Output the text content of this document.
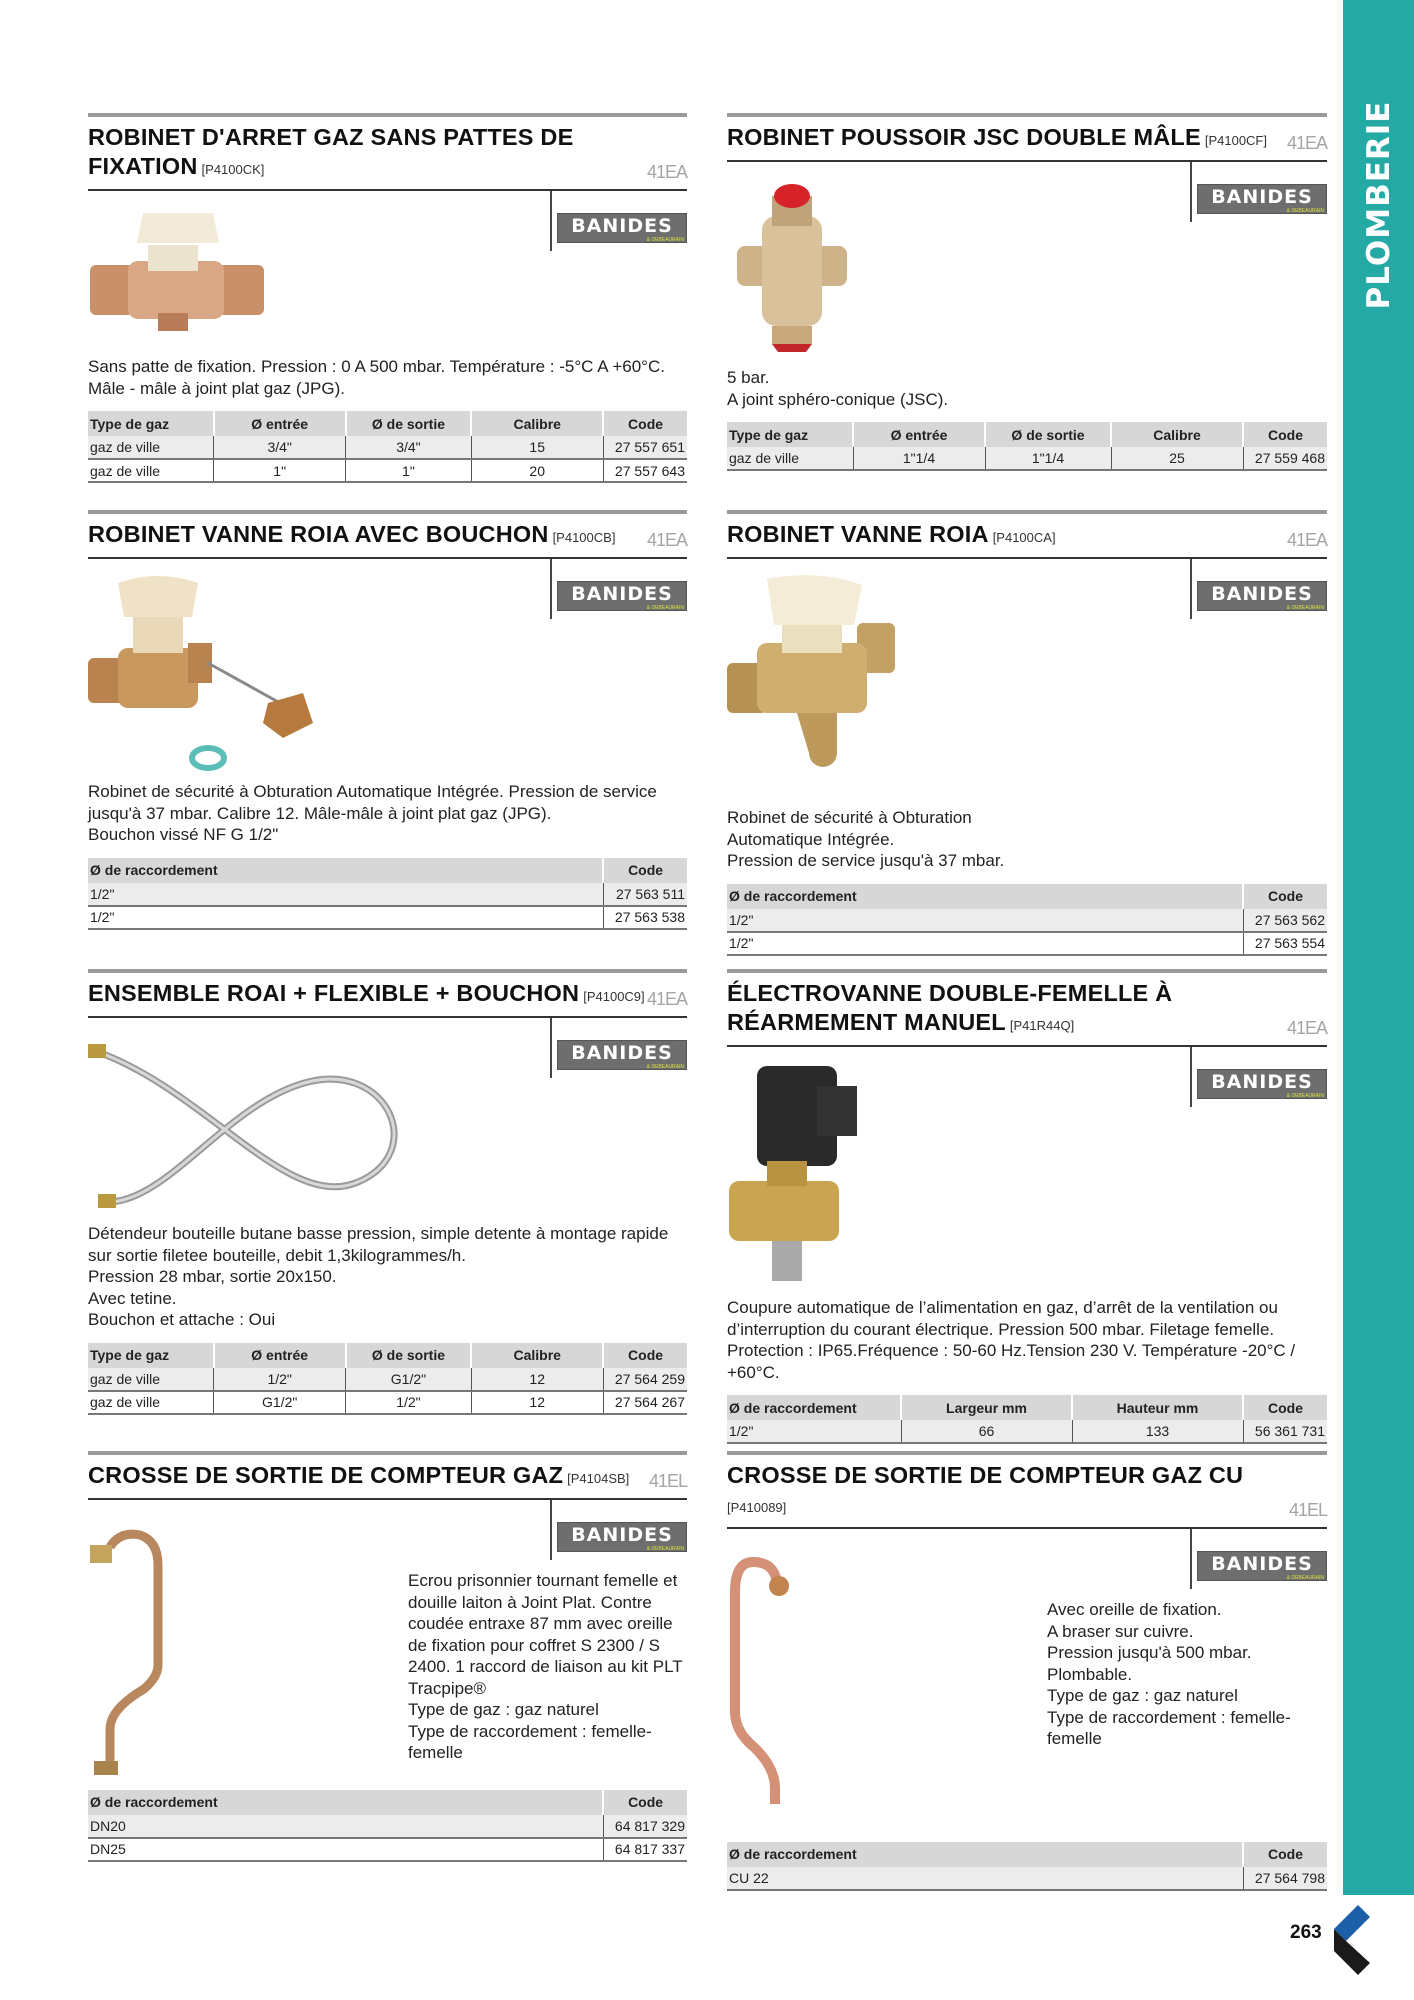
PLOMBERIE
263
ROBINET D'ARRET GAZ SANS PATTES DE FIXATION [P4100CK]	41EA
BANIDES
& DEBEAURAIN
Sans patte de fixation. Pression : 0 A 500 mbar. Température : -5°C A +60°C.
Mâle - mâle à joint plat gaz (JPG).
Type de gaz	Ø entrée	Ø de sortie	Calibre	Code
gaz de ville	3/4"	3/4"	15	27 557 651
gaz de ville	1"	1"	20	27 557 643
ROBINET POUSSOIR JSC DOUBLE MÂLE [P4100CF]	41EA
BANIDES
& DEBEAURAIN
5 bar.
A joint sphéro-conique (JSC).
Type de gaz	Ø entrée	Ø de sortie	Calibre	Code
gaz de ville	1"1/4	1"1/4	25	27 559 468
ROBINET VANNE ROIA AVEC BOUCHON [P4100CB]	41EA
BANIDES
& DEBEAURAIN
Robinet de sécurité à Obturation Automatique Intégrée. Pression de service jusqu'à 37 mbar. Calibre 12. Mâle-mâle à joint plat gaz (JPG).
Bouchon vissé NF G 1/2"
Ø de raccordement	Code
1/2"	27 563 511
1/2"	27 563 538
ROBINET VANNE ROIA [P4100CA]	41EA
BANIDES
& DEBEAURAIN
Robinet de sécurité à Obturation
Automatique Intégrée.
Pression de service jusqu'à 37 mbar.
Ø de raccordement	Code
1/2"	27 563 562
1/2"	27 563 554
ENSEMBLE ROAI + FLEXIBLE + BOUCHON [P4100C9] 41EA
BANIDES
& DEBEAURAIN
Détendeur bouteille butane basse pression, simple detente à montage rapide sur sortie filetee bouteille, debit 1,3kilogrammes/h.
Pression 28 mbar, sortie 20x150.
Avec tetine.
Bouchon et attache : Oui
Type de gaz	Ø entrée	Ø de sortie	Calibre	Code
gaz de ville	1/2"	G1/2"	12	27 564 259
gaz de ville	G1/2"	1/2"	12	27 564 267
ÉLECTROVANNE DOUBLE-FEMELLE À RÉARMEMENT MANUEL [P41R44Q]	41EA
BANIDES
& DEBEAURAIN
Coupure automatique de l’alimentation en gaz, d’arrêt de la ventilation ou d’interruption du courant électrique. Pression 500 mbar. Filetage femelle. Protection : IP65.Fréquence : 50-60 Hz.Tension 230 V. Température -20°C / +60°C.
Ø de raccordement	Largeur mm	Hauteur mm	Code
1/2"	66	133	56 361 731
CROSSE DE SORTIE DE COMPTEUR GAZ [P4104SB]	41EL
BANIDES
& DEBEAURAIN
Ecrou prisonnier tournant femelle et douille laiton à Joint Plat. Contre coudée entraxe 87 mm avec oreille de fixation pour coffret S 2300 / S 2400. 1 raccord de liaison au kit PLT Tracpipe®
Type de gaz : gaz naturel
Type de raccordement : femelle-femelle
Ø de raccordement	Code
DN20	64 817 329
DN25	64 817 337
CROSSE DE SORTIE DE COMPTEUR GAZ CU
[P410089]	41EL
BANIDES
& DEBEAURAIN
Avec oreille de fixation.
A braser sur cuivre.
Pression jusqu'à 500 mbar.
Plombable.
Type de gaz : gaz naturel
Type de raccordement : femelle-femelle
Ø de raccordement	Code
CU 22	27 564 798
